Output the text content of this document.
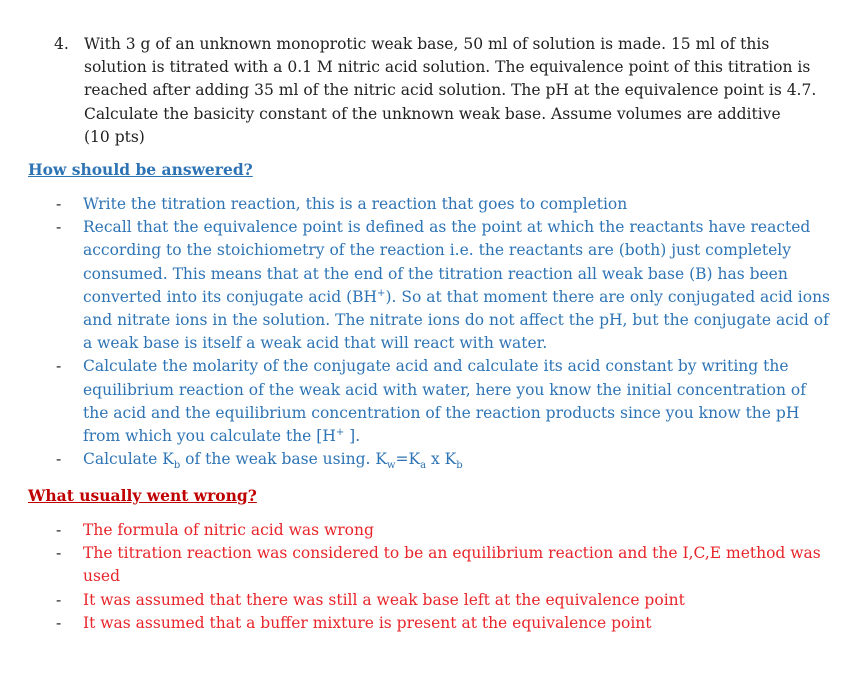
4. With 3 g of an unknown monoprotic weak base, 50 ml of solution is made. 15 ml of this solution is titrated with a 0.1 M nitric acid solution. The equivalence point of this titration is reached after adding 35 ml of the nitric acid solution. The pH at the equivalence point is 4.7. Calculate the basicity constant of the unknown weak base. Assume volumes are additive
(10 pts)
How should be answered?
- Write the titration reaction, this is a reaction that goes to completion
- Recall that the equivalence point is defined as the point at which the reactants have reacted according to the stoichiometry of the reaction i.e. the reactants are (both) just completely consumed. This means that at the end of the titration reaction all weak base (B) has been converted into its conjugate acid (BH+). So at that moment there are only conjugated acid ions and nitrate ions in the solution. The nitrate ions do not affect the pH, but the conjugate acid of a weak base is itself a weak acid that will react with water.
- Calculate the molarity of the conjugate acid and calculate its acid constant by writing the equilibrium reaction of the weak acid with water, here you know the initial concentration of the acid and the equilibrium concentration of the reaction products since you know the pH from which you calculate the [H+ ].
- Calculate $K_b$ of the weak base using. $K_w=K_a$ x $K_b$
What usually went wrong?
- The formula of nitric acid was wrong
- The titration reaction was considered to be an equilibrium reaction and the I,C,E method was used
- It was assumed that there was still a weak base left at the equivalence point
- It was assumed that a buffer mixture is present at the equivalence point
